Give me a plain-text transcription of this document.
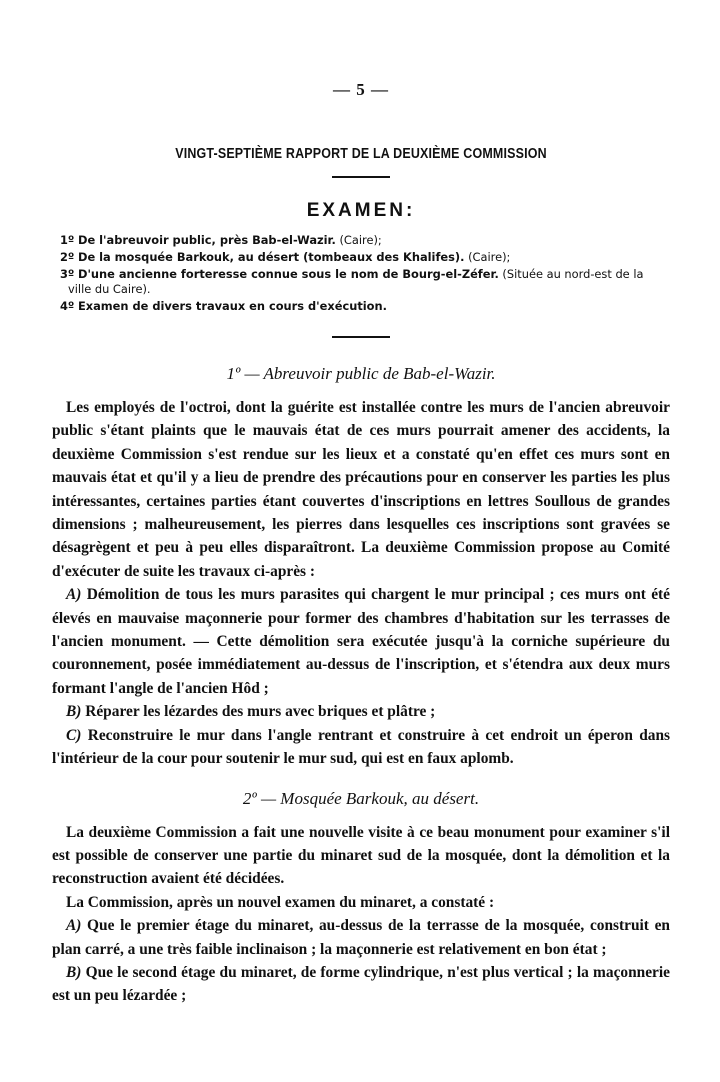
— 5 —
VINGT-SEPTIÈME RAPPORT DE LA DEUXIÈME COMMISSION
EXAMEN:
1º De l'abreuvoir public, près Bab-el-Wazir. (Caire);
2º De la mosquée Barkouk, au désert (tombeaux des Khalifes). (Caire);
3º D'une ancienne forteresse connue sous le nom de Bourg-el-Zéfer. (Située au nord-est de la ville du Caire).
4º Examen de divers travaux en cours d'exécution.
1º — Abreuvoir public de Bab-el-Wazir.

Les employés de l'octroi, dont la guérite est installée contre les murs de l'ancien abreuvoir public s'étant plaints que le mauvais état de ces murs pourrait amener des accidents, la deuxième Commission s'est rendue sur les lieux et a constaté qu'en effet ces murs sont en mauvais état et qu'il y a lieu de prendre des précautions pour en conserver les parties les plus intéressantes, certaines parties étant couvertes d'inscriptions en lettres Soullous de grandes dimensions ; malheureusement, les pierres dans lesquelles ces inscriptions sont gravées se désagrègent et peu à peu elles disparaîtront. La deuxième Commission propose au Comité d'exécuter de suite les travaux ci-après :

A) Démolition de tous les murs parasites qui chargent le mur principal ; ces murs ont été élevés en mauvaise maçonnerie pour former des chambres d'habitation sur les terrasses de l'ancien monument. — Cette démolition sera exécutée jusqu'à la corniche supérieure du couronnement, posée immédiatement au-dessus de l'inscription, et s'étendra aux deux murs formant l'angle de l'ancien Hôd ;

B) Réparer les lézardes des murs avec briques et plâtre ;

C) Reconstruire le mur dans l'angle rentrant et construire à cet endroit un éperon dans l'intérieur de la cour pour soutenir le mur sud, qui est en faux aplomb.

2º — Mosquée Barkouk, au désert.

La deuxième Commission a fait une nouvelle visite à ce beau monument pour examiner s'il est possible de conserver une partie du minaret sud de la mosquée, dont la démolition et la reconstruction avaient été décidées.

La Commission, après un nouvel examen du minaret, a constaté :

A) Que le premier étage du minaret, au-dessus de la terrasse de la mosquée, construit en plan carré, a une très faible inclinaison ; la maçonnerie est relativement en bon état ;

B) Que le second étage du minaret, de forme cylindrique, n'est plus vertical ; la maçonnerie est un peu lézardée ;
